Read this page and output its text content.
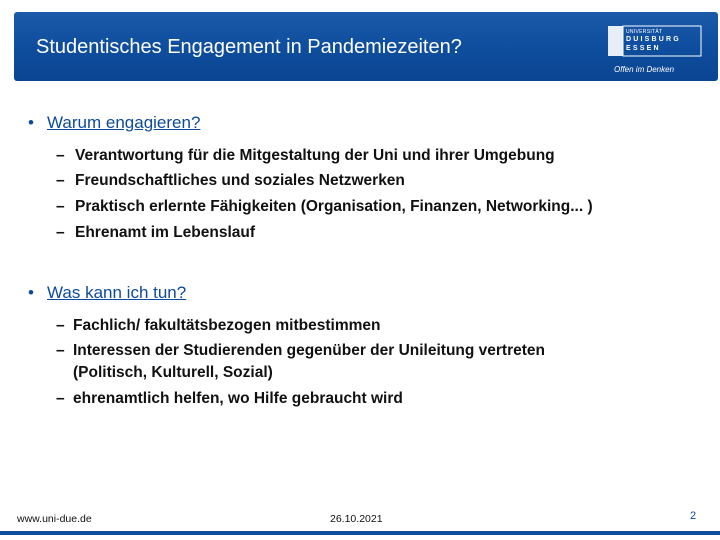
Studentisches Engagement in Pandemiezeiten?
UNIVERSITÄT
DUISBURG
ESSEN
Offen im Denken
• Warum engagieren?
– Verantwortung für die Mitgestaltung der Uni und ihrer Umgebung
– Freundschaftliches und soziales Netzwerken
– Praktisch erlernte Fähigkeiten (Organisation, Finanzen, Networking... )
– Ehrenamt im Lebenslauf
• Was kann ich tun?
– Fachlich/ fakultätsbezogen mitbestimmen
– Interessen der Studierenden gegenüber der Unileitung vertreten
(Politisch, Kulturell, Sozial)
– ehrenamtlich helfen, wo Hilfe gebraucht wird
www.uni-due.de	26.10.2021	2
